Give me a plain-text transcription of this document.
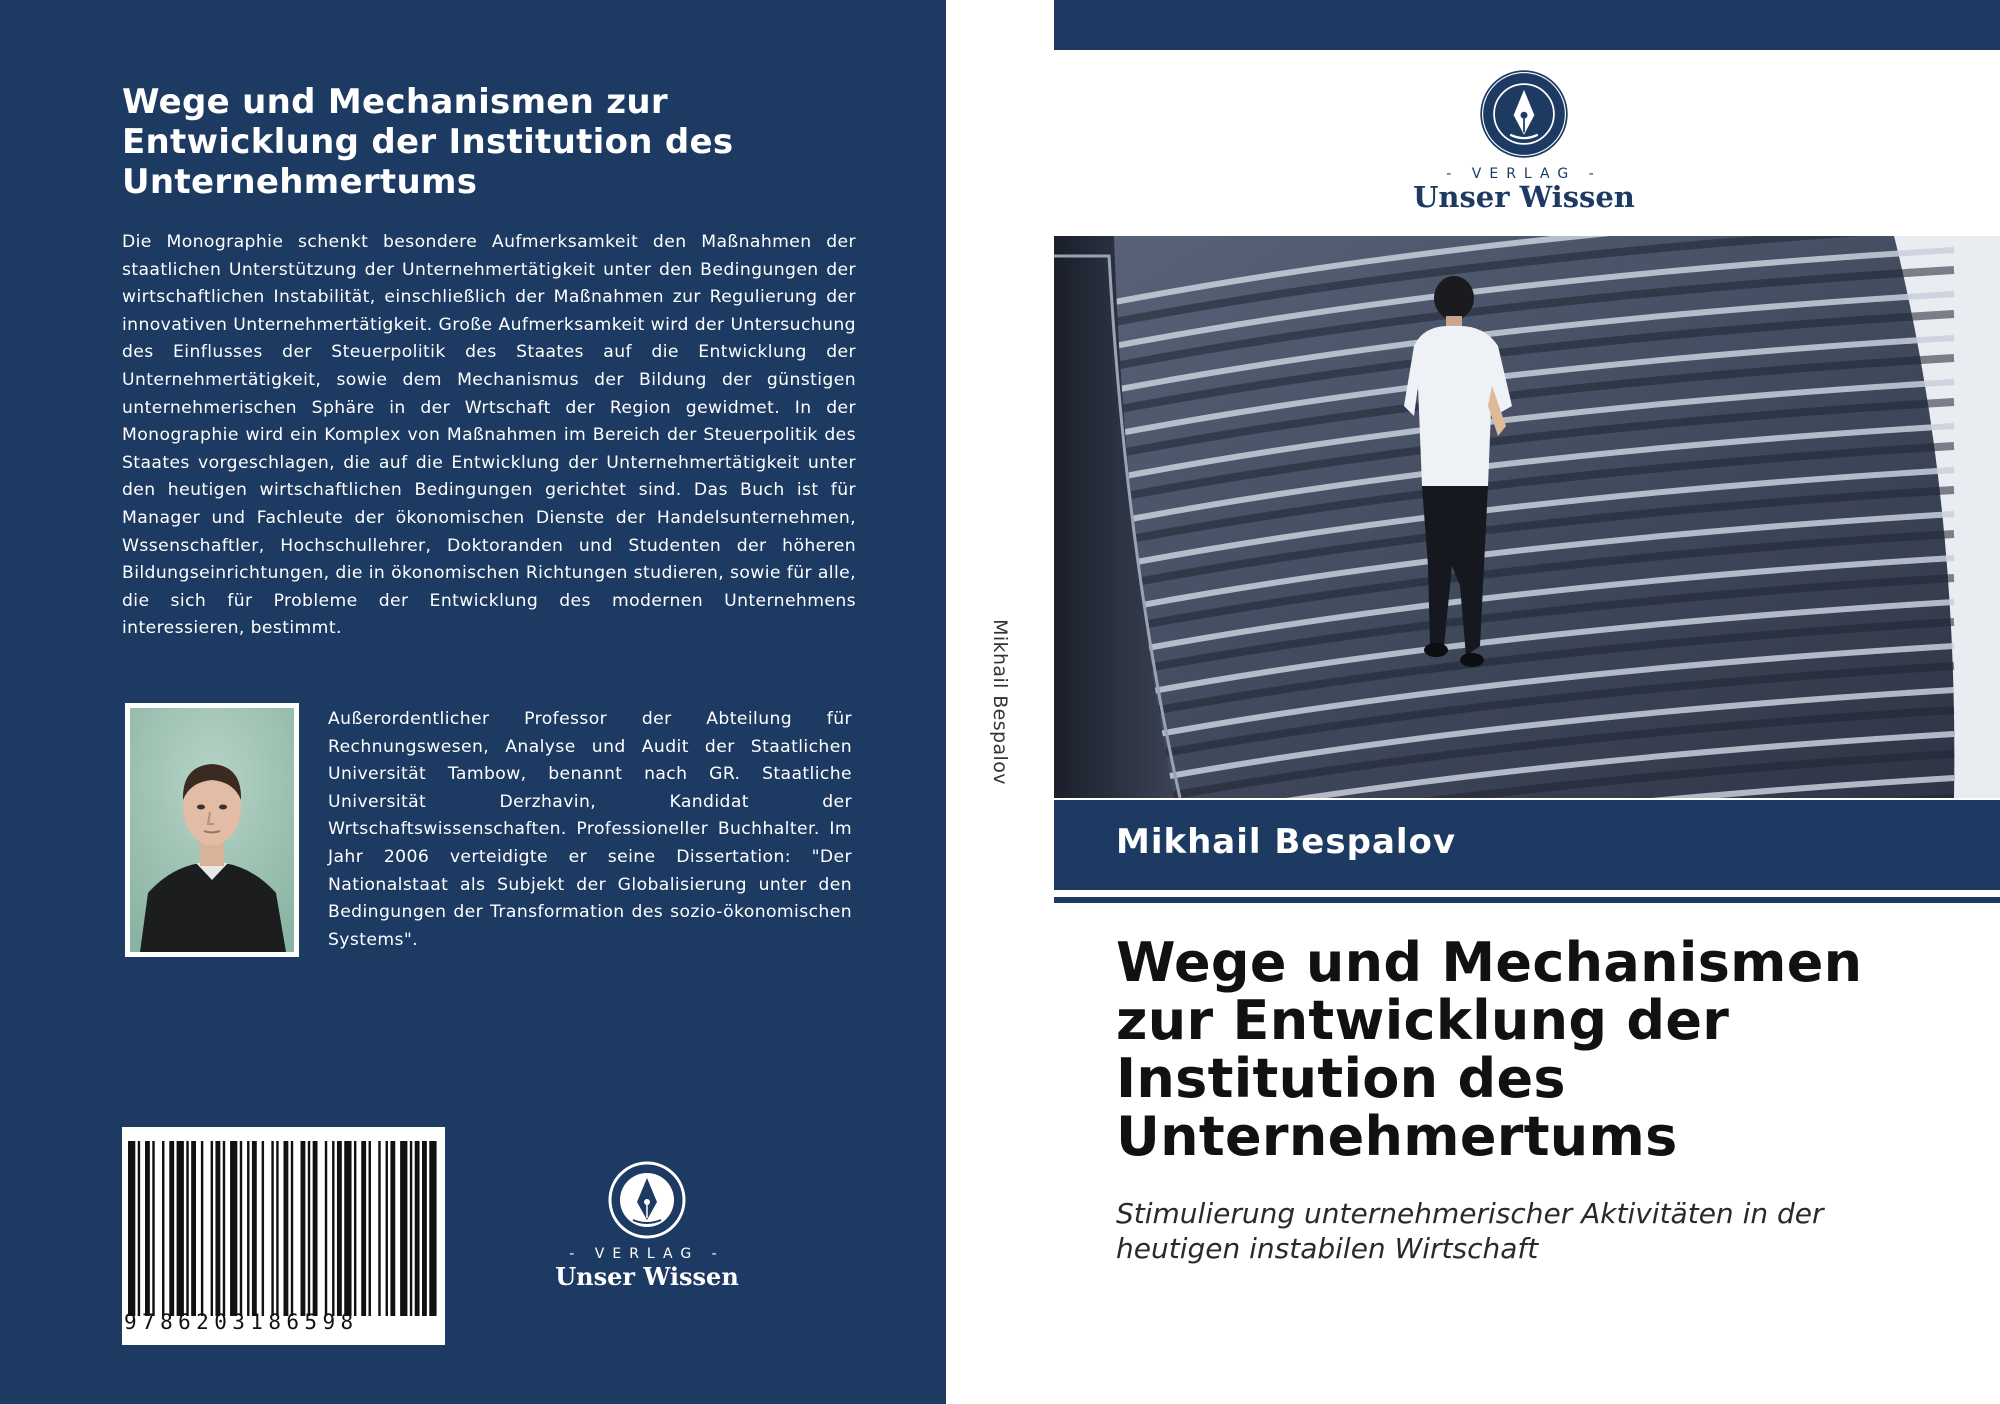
Wege und Mechanismen zur Entwicklung der Institution des Unternehmertums
Die Monographie schenkt besondere Aufmerksamkeit den Maßnahmen der staatlichen Unterstützung der Unternehmertätigkeit unter den Bedingungen der wirtschaftlichen Instabilität, einschließlich der Maßnahmen zur Regulierung der innovativen Unternehmertätigkeit. Große Aufmerksamkeit wird der Untersuchung des Einflusses der Steuerpolitik des Staates auf die Entwicklung der Unternehmertätigkeit, sowie dem Mechanismus der Bildung der günstigen unternehmerischen Sphäre in der Wrtschaft der Region gewidmet. In der Monographie wird ein Komplex von Maßnahmen im Bereich der Steuerpolitik des Staates vorgeschlagen, die auf die Entwicklung der Unternehmertätigkeit unter den heutigen wirtschaftlichen Bedingungen gerichtet sind. Das Buch ist für Manager und Fachleute der ökonomischen Dienste der Handelsunternehmen, Wssenschaftler, Hochschullehrer, Doktoranden und Studenten der höheren Bildungseinrichtungen, die in ökonomischen Richtungen studieren, sowie für alle, die sich für Probleme der Entwicklung des modernen Unternehmens interessieren, bestimmt.
Außerordentlicher Professor der Abteilung für Rechnungswesen, Analyse und Audit der Staatlichen Universität Tambow, benannt nach GR. Staatliche Universität Derzhavin, Kandidat der Wrtschaftswissenschaften. Professioneller Buchhalter. Im Jahr 2006 verteidigte er seine Dissertation: "Der Nationalstaat als Subjekt der Globalisierung unter den Bedingungen der Transformation des sozio-ökonomischen Systems".
9786203186598
- VERLAG -
Unser Wissen
Mikhail Bespalov
- VERLAG -
Unser Wissen
Mikhail Bespalov
Wege und Mechanismen zur Entwicklung der Institution des Unternehmertums
Stimulierung unternehmerischer Aktivitäten in der heutigen instabilen Wirtschaft
